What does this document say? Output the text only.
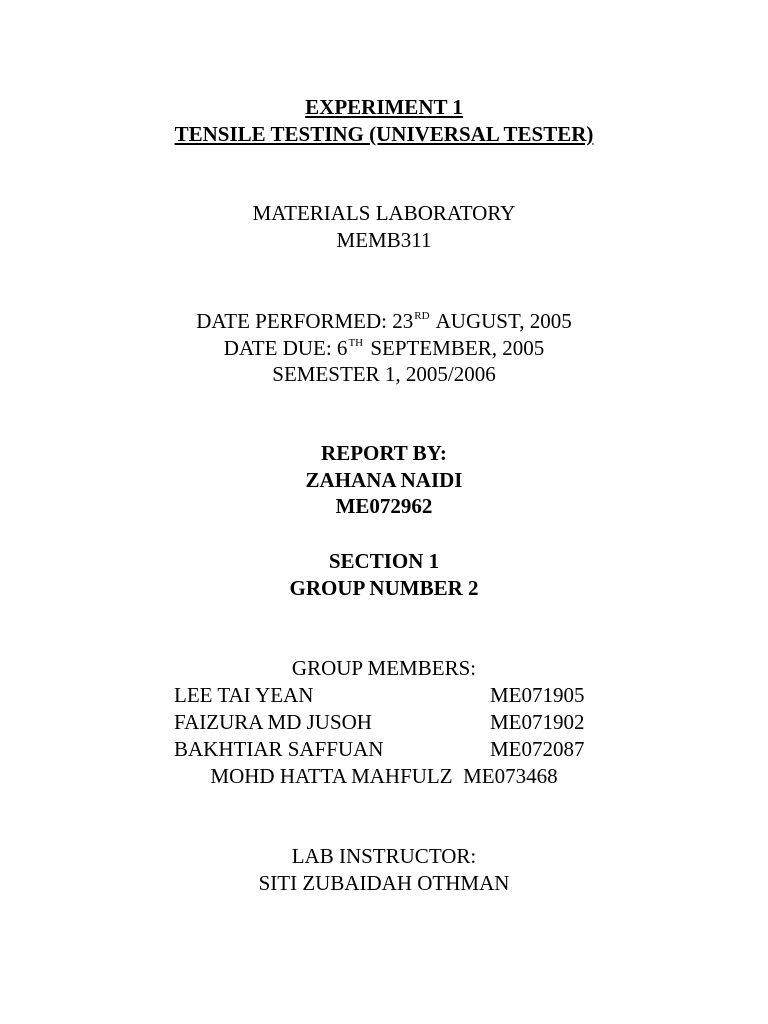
EXPERIMENT 1
TENSILE TESTING (UNIVERSAL TESTER)
MATERIALS LABORATORY
MEMB311
DATE PERFORMED: 23RD AUGUST, 2005
DATE DUE: 6TH SEPTEMBER, 2005
SEMESTER 1, 2005/2006
REPORT BY:
ZAHANA NAIDI
ME072962
SECTION 1
GROUP NUMBER 2
GROUP MEMBERS:
LEE TAI YEAN	ME071905
FAIZURA MD JUSOH	ME071902
BAKHTIAR SAFFUAN	ME072087
MOHD HATTA MAHFULZ ME073468
LAB INSTRUCTOR:
SITI ZUBAIDAH OTHMAN
